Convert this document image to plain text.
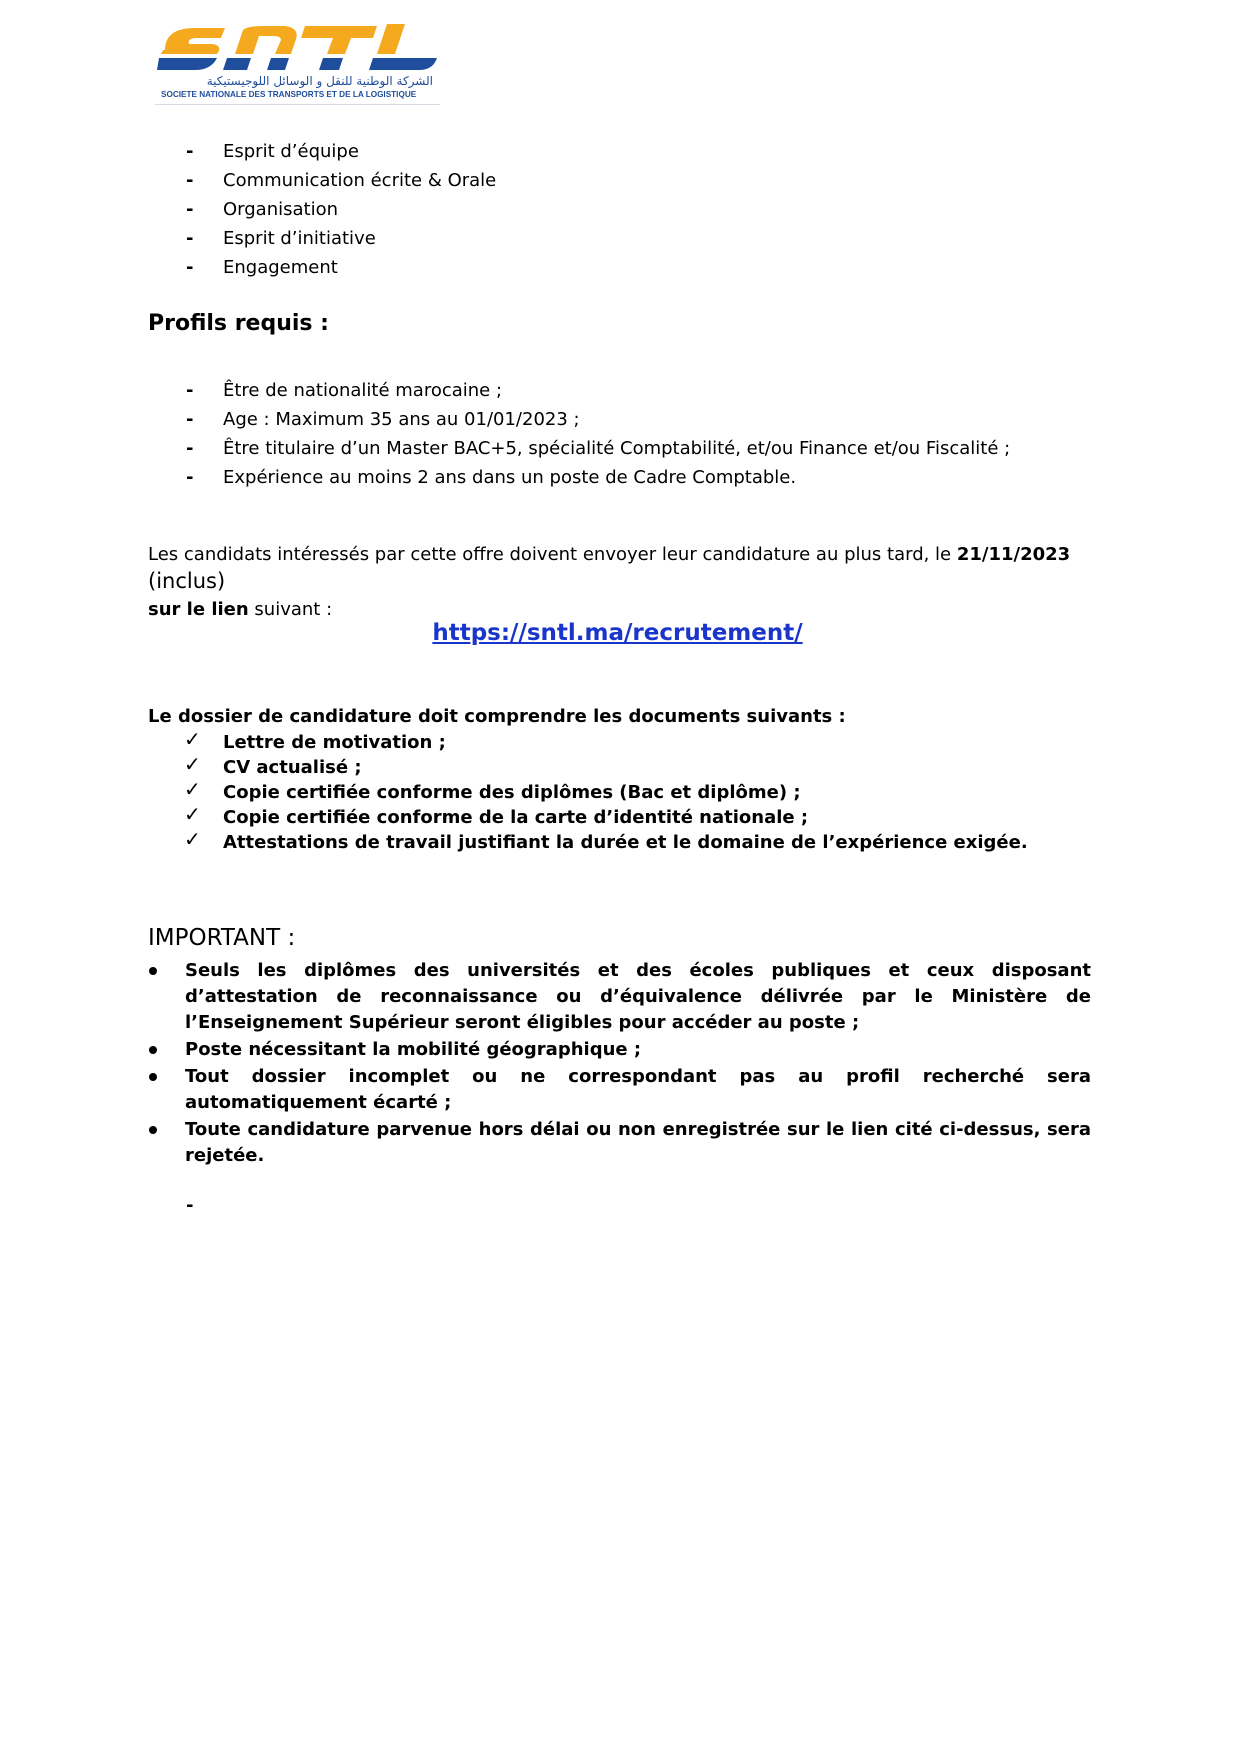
الشركة الوطنية للنقل و الوسائل اللوجيستيكية
SOCIETE NATIONALE DES TRANSPORTS ET DE LA LOGISTIQUE
- Esprit d’équipe
- Communication écrite & Orale
- Organisation
- Esprit d’initiative
- Engagement
Profils requis :
- Être de nationalité marocaine ;
- Age : Maximum 35 ans au 01/01/2023 ;
- Être titulaire d’un Master BAC+5, spécialité Comptabilité, et/ou Finance et/ou Fiscalité ;
- Expérience au moins 2 ans dans un poste de Cadre Comptable.
Les candidats intéressés par cette offre doivent envoyer leur candidature au plus tard, le 21/11/2023 (inclus)
sur le lien suivant :
https://sntl.ma/recrutement/
Le dossier de candidature doit comprendre les documents suivants :
✓ Lettre de motivation ;
✓ CV actualisé ;
✓ Copie certifiée conforme des diplômes (Bac et diplôme) ;
✓ Copie certifiée conforme de la carte d’identité nationale ;
✓ Attestations de travail justifiant la durée et le domaine de l’expérience exigée.
IMPORTANT :
Seuls les diplômes des universités et des écoles publiques et ceux disposant d’attestation de reconnaissance ou d’équivalence délivrée par le Ministère de l’Enseignement Supérieur seront éligibles pour accéder au poste ;
Poste nécessitant la mobilité géographique ;
Tout dossier incomplet ou ne correspondant pas au profil recherché sera automatiquement écarté ;
Toute candidature parvenue hors délai ou non enregistrée sur le lien cité ci-dessus, sera rejetée.
-
